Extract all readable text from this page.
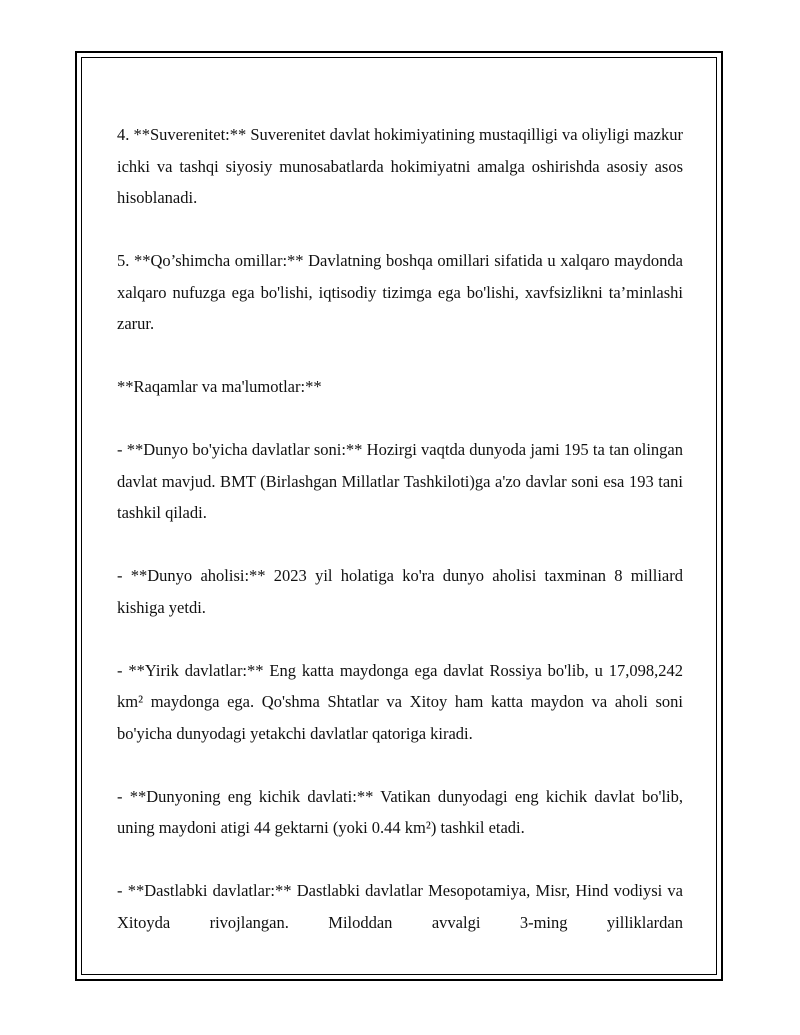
4. **Suverenitet:** Suverenitet davlat hokimiyatining mustaqilligi va oliyligi mazkur ichki va tashqi siyosiy munosabatlarda hokimiyatni amalga oshirishda asosiy asos hisoblanadi.

5. **Qo’shimcha omillar:** Davlatning boshqa omillari sifatida u xalqaro maydonda xalqaro nufuzga ega bo'lishi, iqtisodiy tizimga ega bo'lishi, xavfsizlikni ta’minlashi zarur.

**Raqamlar va ma'lumotlar:**

- **Dunyo bo'yicha davlatlar soni:** Hozirgi vaqtda dunyoda jami 195 ta tan olingan davlat mavjud. BMT (Birlashgan Millatlar Tashkiloti)ga a'zo davlar soni esa 193 tani tashkil qiladi.

- **Dunyo aholisi:** 2023 yil holatiga ko'ra dunyo aholisi taxminan 8 milliard kishiga yetdi.

- **Yirik davlatlar:** Eng katta maydonga ega davlat Rossiya bo'lib, u 17,098,242 km² maydonga ega. Qo'shma Shtatlar va Xitoy ham katta maydon va aholi soni bo'yicha dunyodagi yetakchi davlatlar qatoriga kiradi.

- **Dunyoning eng kichik davlati:** Vatikan dunyodagi eng kichik davlat bo'lib, uning maydoni atigi 44 gektarni (yoki 0.44 km²) tashkil etadi.

- **Dastlabki davlatlar:** Dastlabki davlatlar Mesopotamiya, Misr, Hind vodiysi va Xitoyda rivojlangan. Miloddan avvalgi 3-ming yilliklardan
